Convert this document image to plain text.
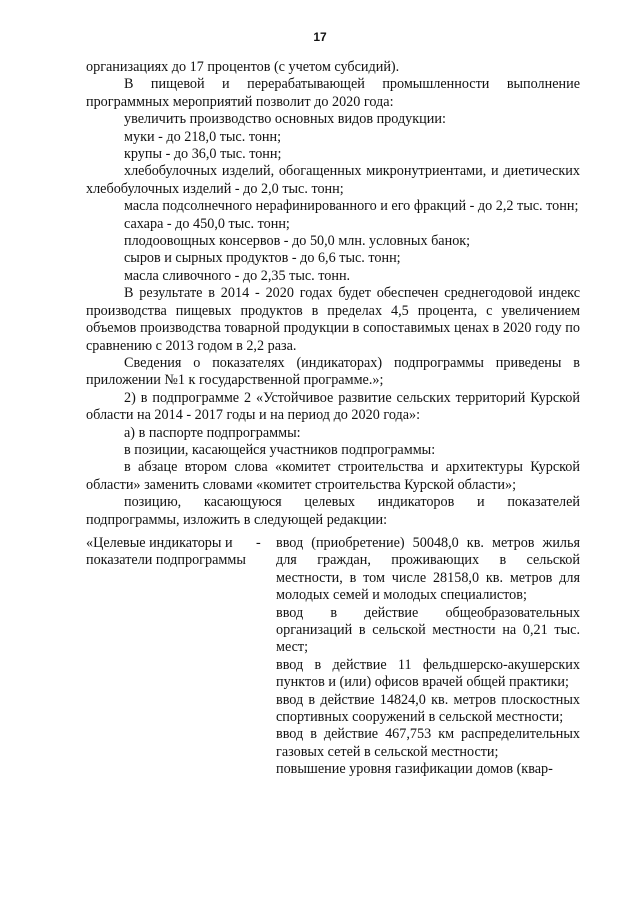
17

организациях до 17 процентов (с учетом субсидий).

В пищевой и перерабатывающей промышленности выполнение программных мероприятий позволит до 2020 года:

увеличить производство основных видов продукции:

муки - до 218,0 тыс. тонн;

крупы - до 36,0 тыс. тонн;

хлебобулочных изделий, обогащенных микронутриентами, и диетических хлебобулочных изделий - до 2,0 тыс. тонн;

масла подсолнечного нерафинированного и его фракций - до 2,2 тыс. тонн;

сахара - до 450,0 тыс. тонн;

плодоовощных консервов - до 50,0 млн. условных банок;

сыров и сырных продуктов - до 6,6 тыс. тонн;

масла сливочного - до 2,35 тыс. тонн.

В результате в 2014 - 2020 годах будет обеспечен среднегодовой индекс производства пищевых продуктов в пределах 4,5 процента, с увеличением объемов производства товарной продукции в сопоставимых ценах в 2020 году по сравнению с 2013 годом в 2,2 раза.

Сведения о показателях (индикаторах) подпрограммы приведены в приложении №1 к государственной программе.»;

2) в подпрограмме 2 «Устойчивое развитие сельских территорий Курской области на 2014 - 2017 годы и на период до 2020 года»:

а) в паспорте подпрограммы:

в позиции, касающейся участников подпрограммы:

в абзаце втором слова «комитет строительства и архитектуры Курской области» заменить словами «комитет строительства Курской области»;

позицию, касающуюся целевых индикаторов и показателей подпрограммы, изложить в следующей редакции:

«Целевые индикаторы и показатели подпрограммы
-	ввод (приобретение) 50048,0 кв. метров жилья для граждан, проживающих в сельской местности, в том числе 28158,0 кв. метров для молодых семей и молодых специалистов;
ввод в действие общеобразовательных организаций в сельской местности на 0,21 тыс. мест;
ввод в действие 11 фельдшерско-акушерских пунктов и (или) офисов врачей общей практики;
ввод в действие 14824,0 кв. метров плоскостных спортивных сооружений в сельской местности;
ввод в действие 467,753 км распределительных газовых сетей в сельской местности;
повышение уровня газификации домов (квар-
